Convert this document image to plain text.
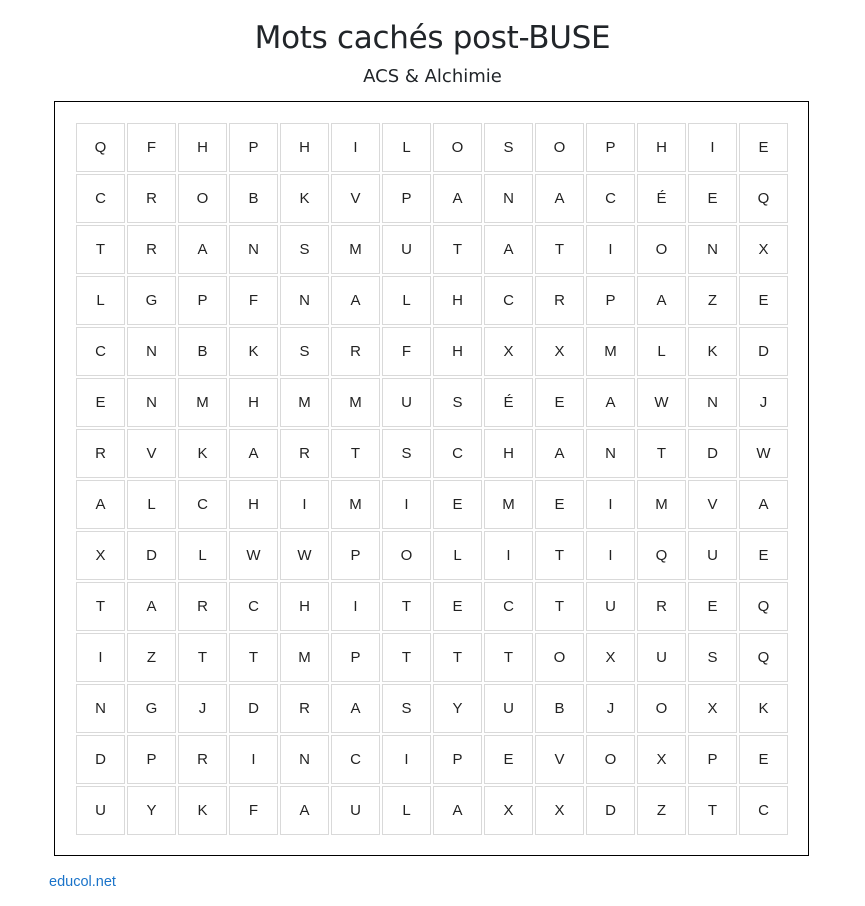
Mots cachés post-BUSE
ACS & Alchimie
Q	F	H	P	H	I	L	O	S	O	P	H	I	E
C	R	O	B	K	V	P	A	N	A	C	É	E	Q
T	R	A	N	S	M	U	T	A	T	I	O	N	X
L	G	P	F	N	A	L	H	C	R	P	A	Z	E
C	N	B	K	S	R	F	H	X	X	M	L	K	D
E	N	M	H	M	M	U	S	É	E	A	W	N	J
R	V	K	A	R	T	S	C	H	A	N	T	D	W
A	L	C	H	I	M	I	E	M	E	I	M	V	A
X	D	L	W	W	P	O	L	I	T	I	Q	U	E
T	A	R	C	H	I	T	E	C	T	U	R	E	Q
I	Z	T	T	M	P	T	T	T	O	X	U	S	Q
N	G	J	D	R	A	S	Y	U	B	J	O	X	K
D	P	R	I	N	C	I	P	E	V	O	X	P	E
U	Y	K	F	A	U	L	A	X	X	D	Z	T	C
educol.net
